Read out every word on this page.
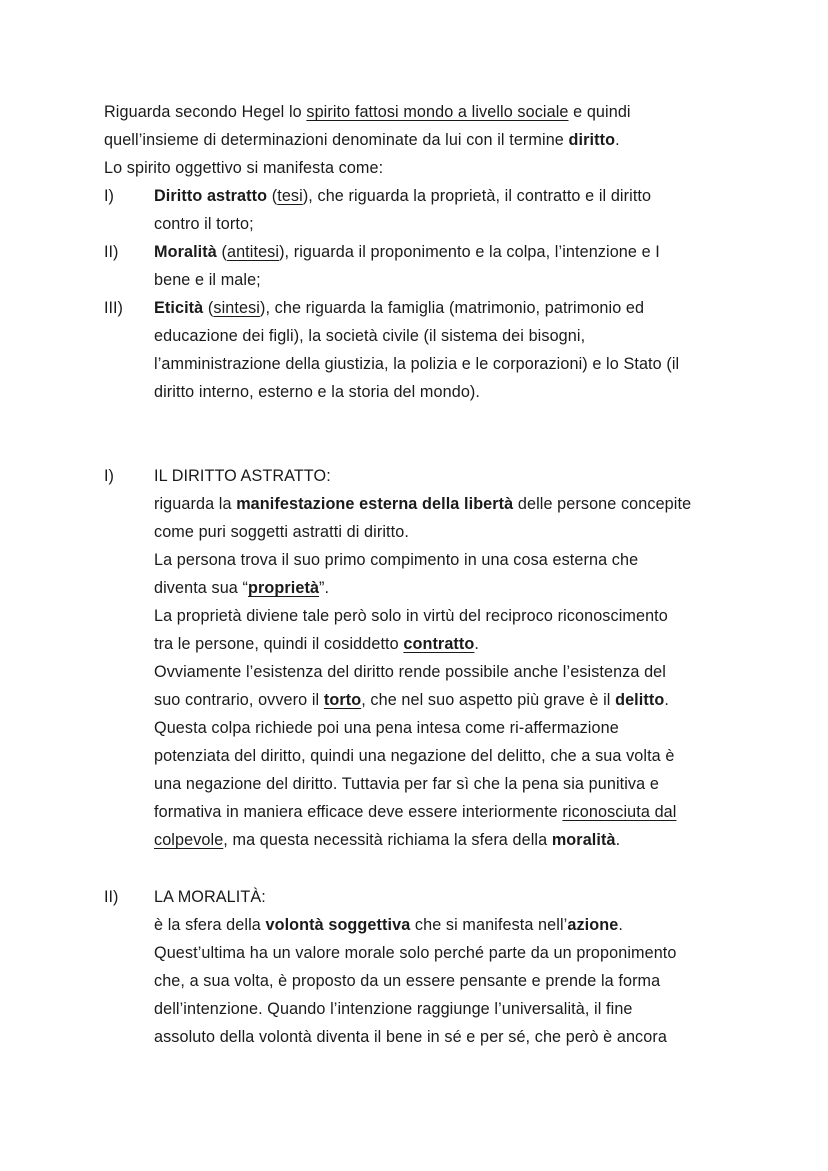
Riguarda secondo Hegel lo spirito fattosi mondo a livello sociale e quindi
quell’insieme di determinazioni denominate da lui con il termine diritto.
Lo spirito oggettivo si manifesta come:
I) Diritto astratto (tesi), che riguarda la proprietà, il contratto e il diritto
contro il torto;
II) Moralità (antitesi), riguarda il proponimento e la colpa, l’intenzione e I
bene e il male;
III) Eticità (sintesi), che riguarda la famiglia (matrimonio, patrimonio ed
educazione dei figli), la società civile (il sistema dei bisogni,
l’amministrazione della giustizia, la polizia e le corporazioni) e lo Stato (il
diritto interno, esterno e la storia del mondo).
I) IL DIRITTO ASTRATTO:
riguarda la manifestazione esterna della libertà delle persone concepite
come puri soggetti astratti di diritto.
La persona trova il suo primo compimento in una cosa esterna che
diventa sua “proprietà”.
La proprietà diviene tale però solo in virtù del reciproco riconoscimento
tra le persone, quindi il cosiddetto contratto.
Ovviamente l’esistenza del diritto rende possibile anche l’esistenza del
suo contrario, ovvero il torto, che nel suo aspetto più grave è il delitto.
Questa colpa richiede poi una pena intesa come ri-affermazione
potenziata del diritto, quindi una negazione del delitto, che a sua volta è
una negazione del diritto. Tuttavia per far sì che la pena sia punitiva e
formativa in maniera efficace deve essere interiormente riconosciuta dal
colpevole, ma questa necessità richiama la sfera della moralità.
II) LA MORALITÀ:
è la sfera della volontà soggettiva che si manifesta nell’azione.
Quest’ultima ha un valore morale solo perché parte da un proponimento
che, a sua volta, è proposto da un essere pensante e prende la forma
dell’intenzione. Quando l’intenzione raggiunge l’universalità, il fine
assoluto della volontà diventa il bene in sé e per sé, che però è ancora
